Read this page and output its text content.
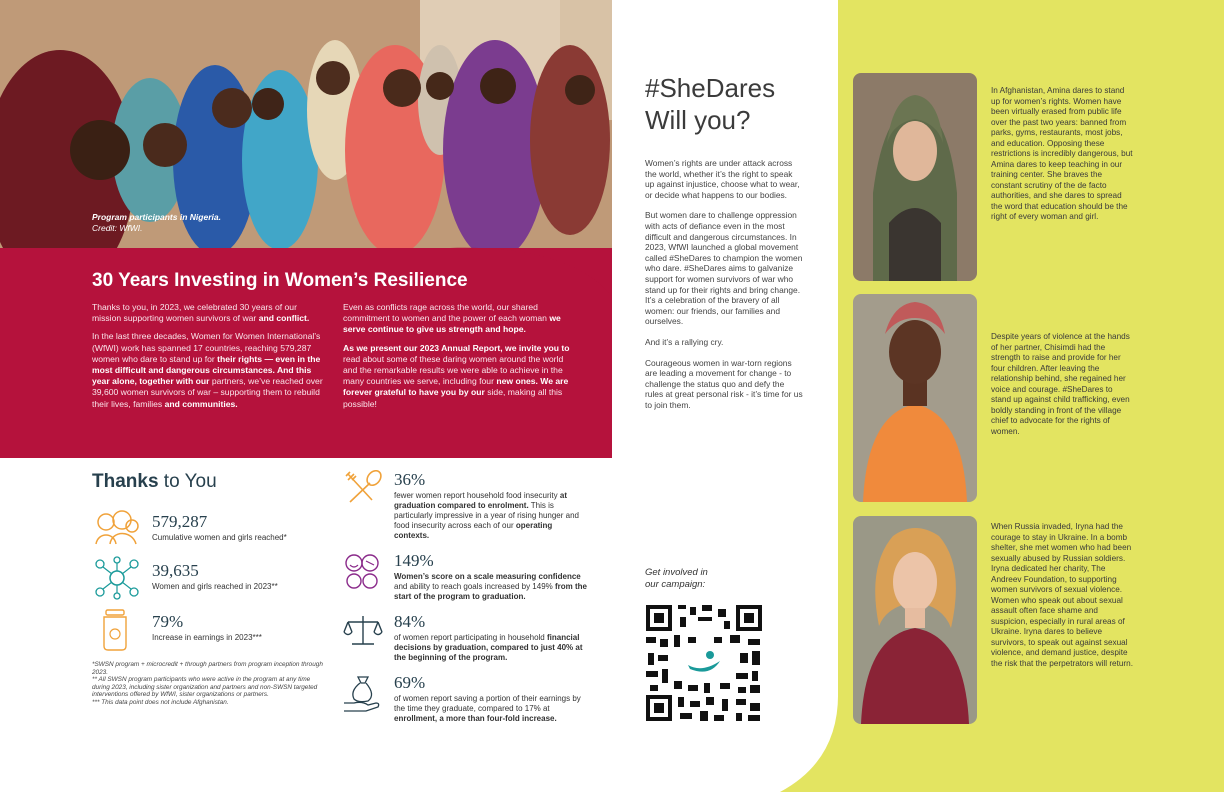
Program participants in Nigeria.
Credit: WfWI.
30 Years Investing in Women’s Resilience

Thanks to you, in 2023, we celebrated 30 years of our mission supporting women survivors of war and conflict.

In the last three decades, Women for Women International’s (WfWI) work has spanned 17 countries, reaching 579,287 women who dare to stand up for their rights — even in the most difficult and dangerous circumstances. And this year alone, together with our partners, we’ve reached over 39,600 women survivors of war – supporting them to rebuild their lives, families and communities.

Even as conflicts rage across the world, our shared commitment to women and the power of each woman we serve continue to give us strength and hope.

As we present our 2023 Annual Report, we invite you to read about some of these daring women around the world and the remarkable results we were able to achieve in the many countries we serve, including four new ones. We are forever grateful to have you by our side, making all this possible!

Thanks to You
579,287
Cumulative women and girls reached*
39,635
Women and girls reached in 2023**
79%
Increase in earnings in 2023***
*SWSN program + microcredit + through partners from program inception through 2023.
** All SWSN program participants who were active in the program at any time during 2023, including sister organization and partners and non-SWSN targeted interventions offered by WfWI, sister organizations or partners.
*** This data point does not include Afghanistan.
36%
fewer women report household food insecurity at graduation compared to enrolment. This is particularly impressive in a year of rising hunger and food insecurity across each of our operating contexts.
149%
Women’s score on a scale measuring confidence and ability to reach goals increased by 149% from the start of the program to graduation.
84%
of women report participating in household financial decisions by graduation, compared to just 40% at the beginning of the program.
69%
of women report saving a portion of their earnings by the time they graduate, compared to 17% at enrollment, a more than four-fold increase.
#SheDares
Will you?

Women’s rights are under attack across the world, whether it’s the right to speak up against injustice, choose what to wear, or decide what happens to our bodies.

But women dare to challenge oppression with acts of defiance even in the most difficult and dangerous circumstances. In 2023, WfWI launched a global movement called #SheDares to champion the women who dare. #SheDares aims to galvanize support for women survivors of war who stand up for their rights and bring change.
It’s a celebration of the bravery of all women: our friends, our families and ourselves.

And it’s a rallying cry.

Courageous women in war-torn regions are leading a movement for change - to challenge the status quo and defy the rules at great personal risk - it’s time for us to join them.

Get involved in
our campaign:
In Afghanistan, Amina dares to stand up for women’s rights. Women have been virtually erased from public life over the past two years: banned from parks, gyms, restaurants, most jobs, and education. Opposing these restrictions is incredibly dangerous, but Amina dares to keep teaching in our training center. She braves the constant scrutiny of the de facto authorities, and she dares to spread the word that education should be the right of every woman and girl.
Despite years of violence at the hands of her partner, Chisimdi had the strength to raise and provide for her four children. After leaving the relationship behind, she regained her voice and courage. #SheDares to stand up against child trafficking, even boldly standing in front of the village chief to advocate for the rights of women.
When Russia invaded, Iryna had the courage to stay in Ukraine. In a bomb shelter, she met women who had been sexually abused by Russian soldiers. Iryna dedicated her charity, The Andreev Foundation, to supporting women survivors of sexual violence. Women who speak out about sexual assault often face shame and suspicion, especially in rural areas of Ukraine. Iryna dares to believe survivors, to speak out against sexual violence, and demand justice, despite the risk that the perpetrators will return.
